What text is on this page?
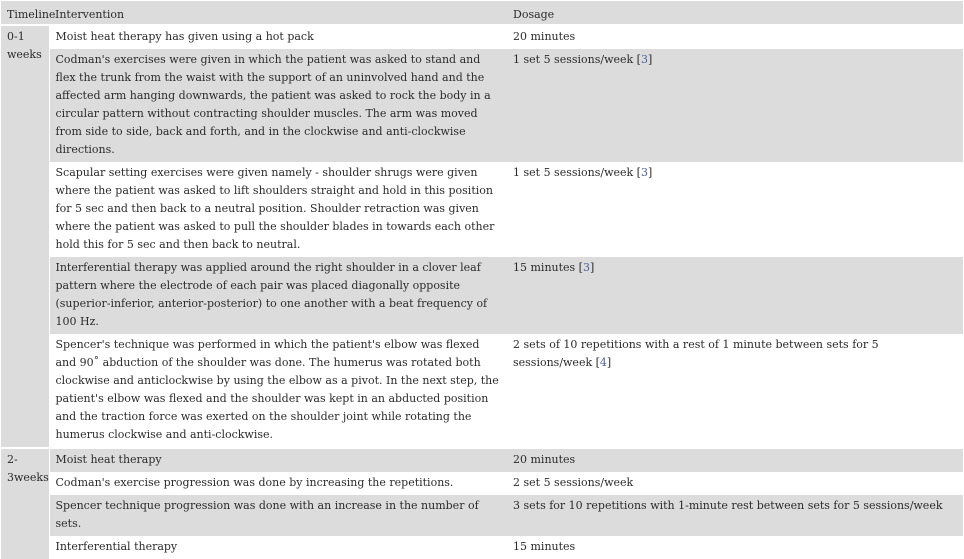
Timeline	Intervention	Dosage
0-1 weeks	Moist heat therapy has given using a hot pack	20 minutes
	Codman's exercises were given in which the patient was asked to stand and flex the trunk from the waist with the support of an uninvolved hand and the affected arm hanging downwards, the patient was asked to rock the body in a circular pattern without contracting shoulder muscles. The arm was moved from side to side, back and forth, and in the clockwise and anti-clockwise directions.	1 set 5 sessions/week [3]
	Scapular setting exercises were given namely - shoulder shrugs were given where the patient was asked to lift shoulders straight and hold in this position for 5 sec and then back to a neutral position. Shoulder retraction was given where the patient was asked to pull the shoulder blades in towards each other hold this for 5 sec and then back to neutral.	1 set 5 sessions/week [3]
	Interferential therapy was applied around the right shoulder in a clover leaf pattern where the electrode of each pair was placed diagonally opposite (superior-inferior, anterior-posterior) to one another with a beat frequency of 100 Hz.	15 minutes [3]
	Spencer's technique was performed in which the patient's elbow was flexed and 90˚ abduction of the shoulder was done. The humerus was rotated both clockwise and anticlockwise by using the elbow as a pivot. In the next step, the patient's elbow was flexed and the shoulder was kept in an abducted position and the traction force was exerted on the shoulder joint while rotating the humerus clockwise and anti-clockwise.	2 sets of 10 repetitions with a rest of 1 minute between sets for 5 sessions/week [4]
2-3weeks	Moist heat therapy	20 minutes
	Codman's exercise progression was done by increasing the repetitions.	2 set 5 sessions/week
	Spencer technique progression was done with an increase in the number of sets.	3 sets for 10 repetitions with 1-minute rest between sets for 5 sessions/week
	Interferential therapy	15 minutes
